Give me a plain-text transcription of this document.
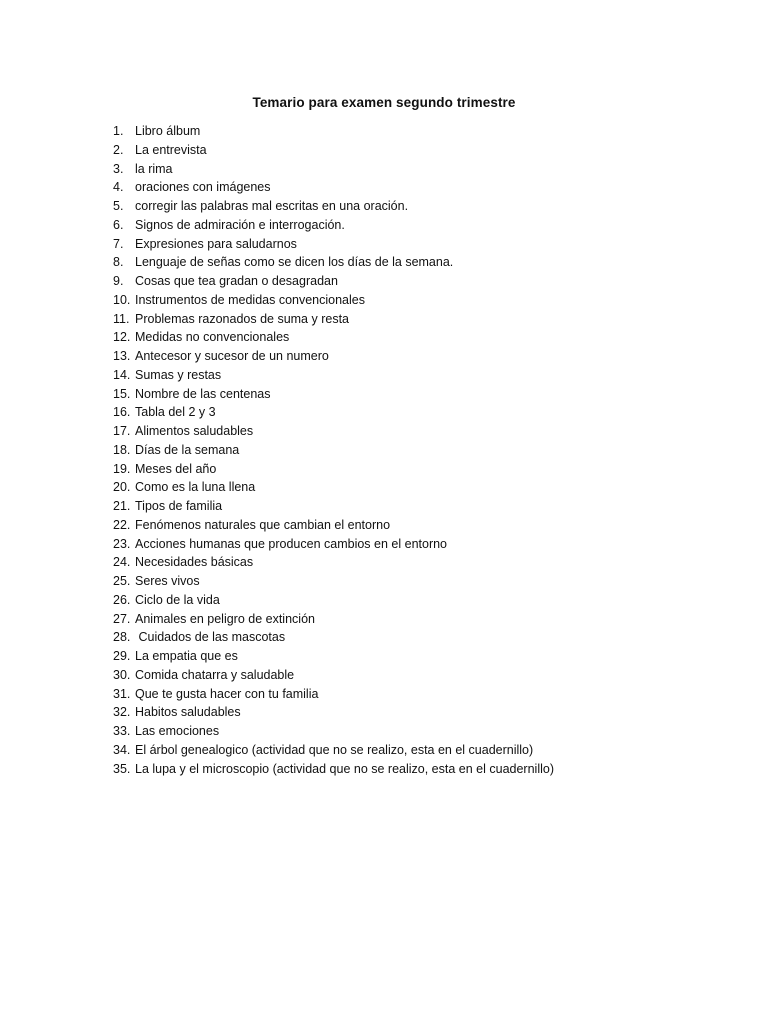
Temario para examen segundo trimestre
1. Libro álbum
2. La entrevista
3. la rima
4. oraciones con imágenes
5. corregir las palabras mal escritas en una oración.
6. Signos de admiración e interrogación.
7. Expresiones para saludarnos
8. Lenguaje de señas como se dicen los días de la semana.
9. Cosas que tea gradan o desagradan
10. Instrumentos de medidas convencionales
11. Problemas razonados de suma y resta
12. Medidas no convencionales
13. Antecesor y sucesor de un numero
14. Sumas y restas
15. Nombre de las centenas
16. Tabla del 2 y 3
17. Alimentos saludables
18. Días de la semana
19. Meses del año
20. Como es la luna llena
21. Tipos de familia
22. Fenómenos naturales que cambian el entorno
23. Acciones humanas que producen cambios en el entorno
24. Necesidades básicas
25. Seres vivos
26. Ciclo de la vida
27. Animales en peligro de extinción
28. Cuidados de las mascotas
29. La empatia que es
30. Comida chatarra y saludable
31. Que te gusta hacer con tu familia
32. Habitos saludables
33. Las emociones
34. El árbol genealogico (actividad que no se realizo, esta en el cuadernillo)
35. La lupa y el microscopio (actividad que no se realizo, esta en el cuadernillo)
